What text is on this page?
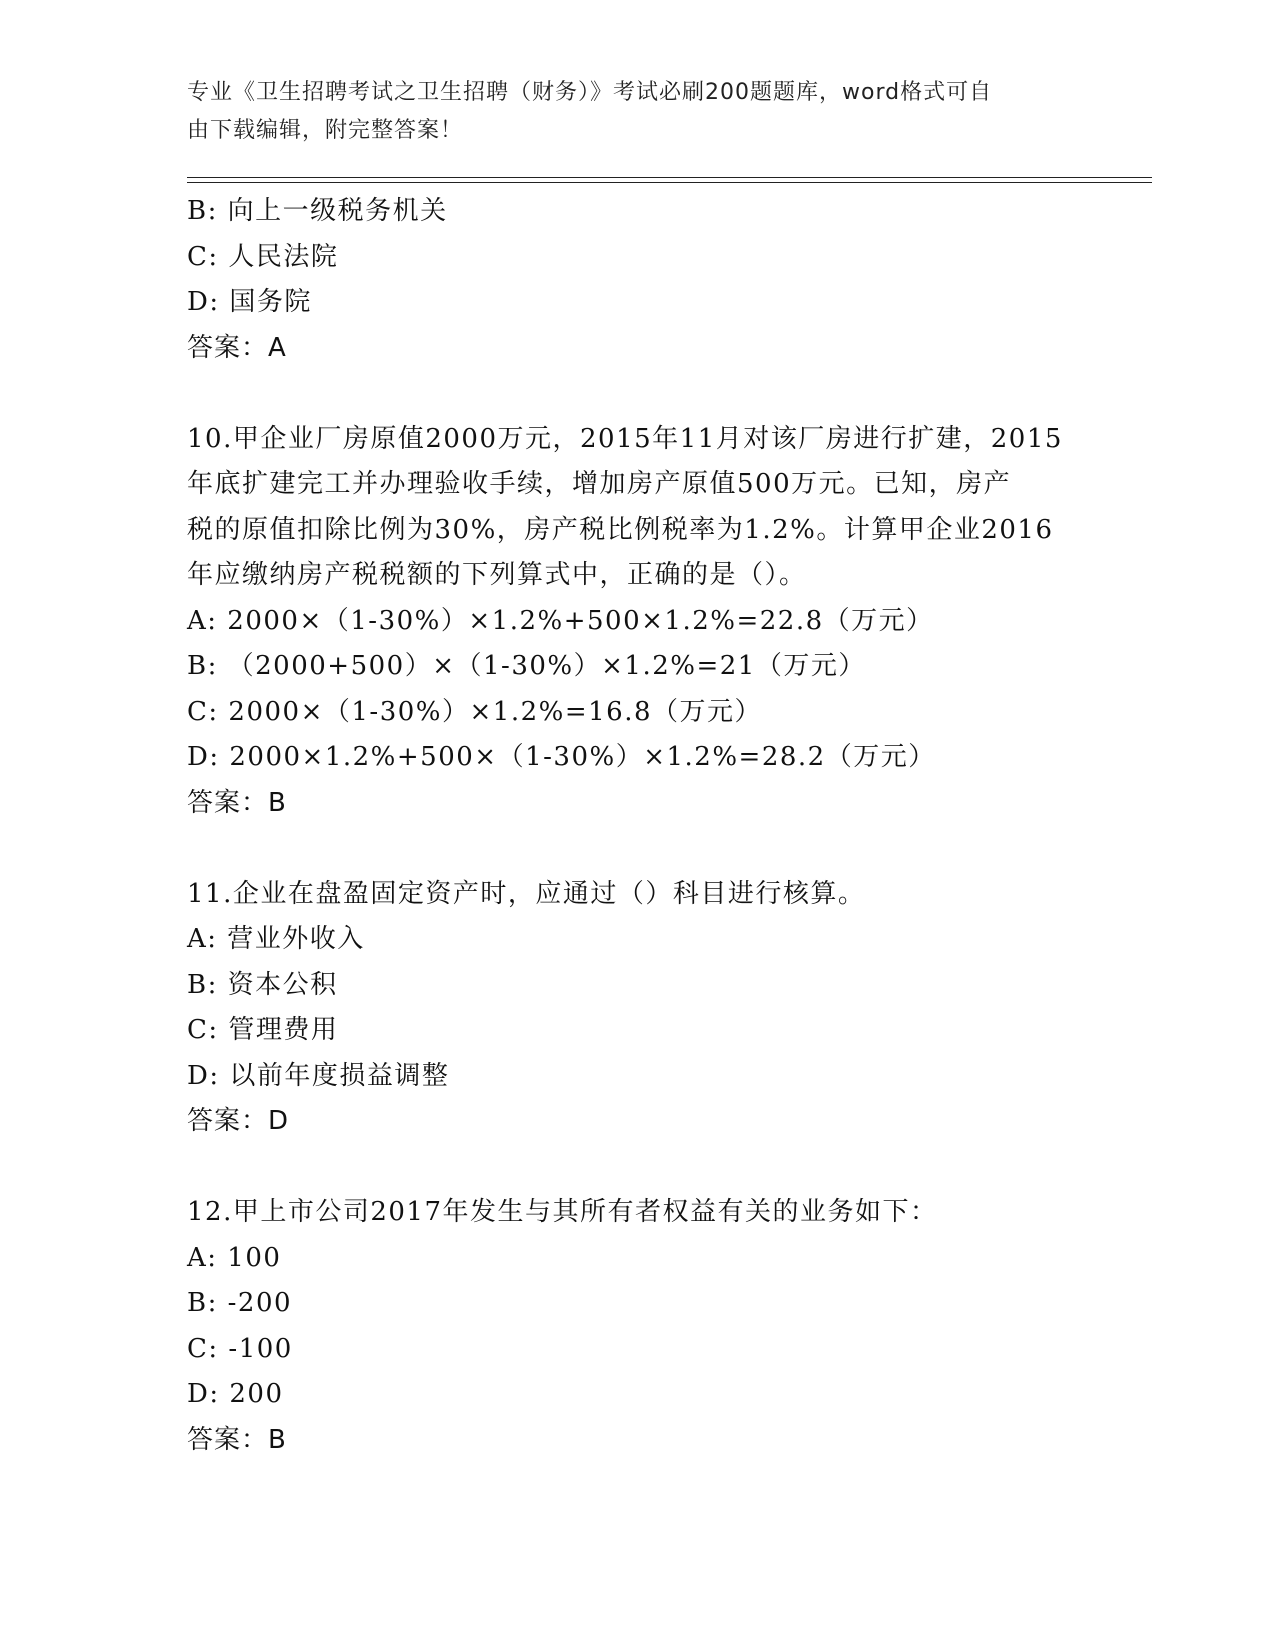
专业《卫生招聘考试之卫生招聘（财务）》考试必刷200题题库，word格式可自
由下载编辑，附完整答案！
B: 向上一级税务机关
C: 人民法院
D: 国务院
答案：A
10.甲企业厂房原值2000万元，2015年11月对该厂房进行扩建，2015
年底扩建完工并办理验收手续，增加房产原值500万元。已知，房产
税的原值扣除比例为30%，房产税比例税率为1.2%。计算甲企业2016
年应缴纳房产税税额的下列算式中，正确的是（）。
A: 2000×（1-30%）×1.2%+500×1.2%=22.8（万元）
B: （2000+500）×（1-30%）×1.2%=21（万元）
C: 2000×（1-30%）×1.2%=16.8（万元）
D: 2000×1.2%+500×（1-30%）×1.2%=28.2（万元）
答案：B
11.企业在盘盈固定资产时，应通过（）科目进行核算。
A: 营业外收入
B: 资本公积
C: 管理费用
D: 以前年度损益调整
答案：D
12.甲上市公司2017年发生与其所有者权益有关的业务如下：
A: 100
B: -200
C: -100
D: 200
答案：B
